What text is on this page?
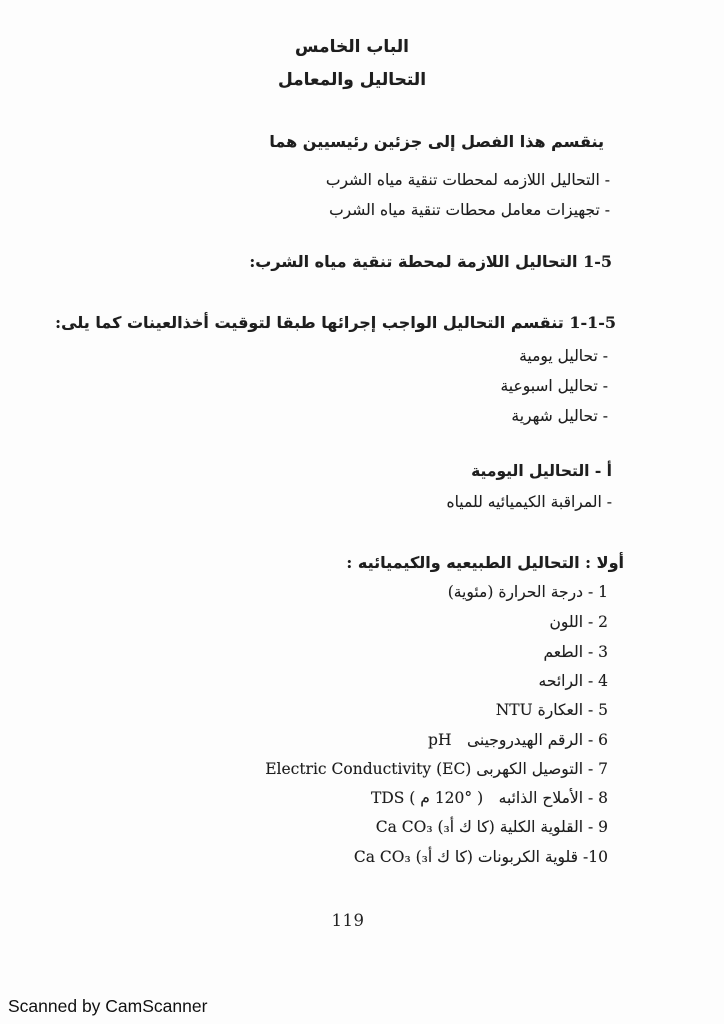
الباب الخامس
التحاليل والمعامل
ينقسم هذا الفصل إلى جزئين رئيسيين هما
- التحاليل اللازمه لمحطات تنقية مياه الشرب
- تجهيزات معامل محطات تنقية مياه الشرب
1-5 التحاليل اللازمة لمحطة تنقية مياه الشرب:
1-1-5 تنقسم التحاليل الواجب إجرائها طبقا لتوقيت أخذالعينات كما يلى:
- تحاليل يومية
- تحاليل اسبوعية
- تحاليل شهرية
أ - التحاليل اليومية
- المراقبة الكيميائيه للمياه
أولا : التحاليل الطبيعيه والكيميائيه :
1 - درجة الحرارة (مئوية)
2 - اللون
3 - الطعم
4 - الرائحه
5 - العكارة NTU
6 - الرقم الهيدروجينى pH
7 - التوصيل الكهربى Electric Conductivity (EC)
8 - الأملاح الذائبه ( °120 م ) TDS
9 - القلوية الكلية (كا ك أ₃) Ca CO₃
10- قلوية الكربونات (كا ك أ₃) Ca CO₃
119
Scanned by CamScanner
